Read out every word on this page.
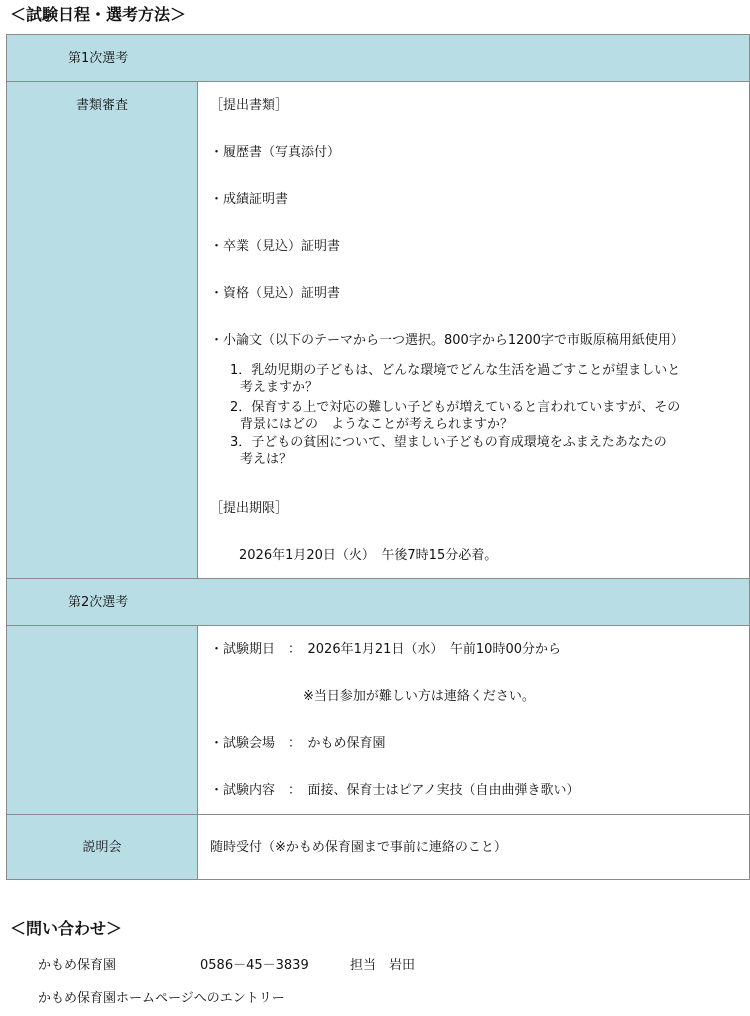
＜試験日程・選考方法＞
第1次選考
書類審査	［提出書類］
・履歴書（写真添付）
・成績証明書
・卒業（見込）証明書
・資格（見込）証明書
・小論文（以下のテーマから一つ選択。800字から1200字で市販原稿用紙使用）
1．乳幼児期の子どもは、どんな環境でどんな生活を過ごすことが望ましいと
考えますか？
2．保育する上で対応の難しい子どもが増えていると言われていますが、その
背景にはどの　ようなことが考えられますか？
3．子どもの貧困について、望ましい子どもの育成環境をふまえたあなたの
考えは？
［提出期限］
2026年1月20日（火）　午後7時15分必着。
第2次選考
・試験期日　：　2026年1月21日（水）　午前10時00分から
※当日参加が難しい方は連絡ください。
・試験会場　：　かもめ保育園
・試験内容　：　面接、保育士はピアノ実技（自由曲弾き歌い）
説明会	随時受付（※かもめ保育園まで事前に連絡のこと）
＜問い合わせ＞
かもめ保育園	0586－45－3839	担当　岩田
かもめ保育園ホームページへのエントリー
